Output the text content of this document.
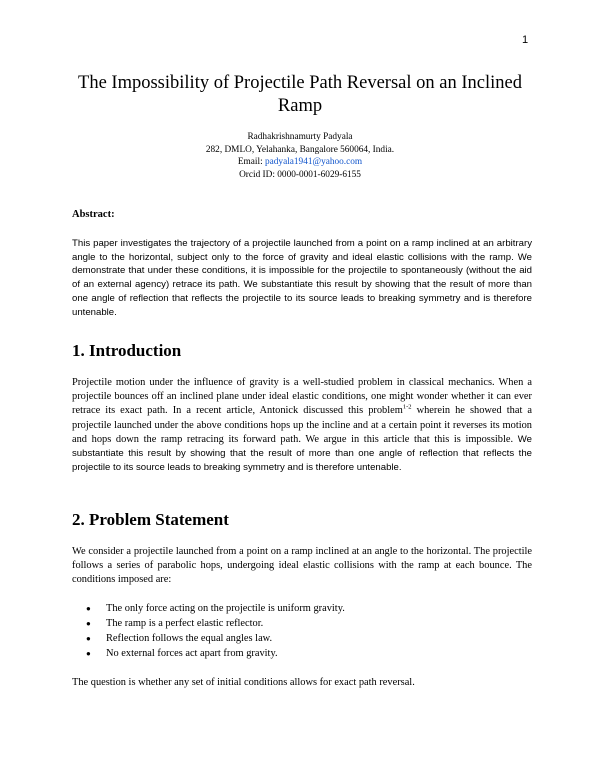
1
The Impossibility of Projectile Path Reversal on an Inclined Ramp
Radhakrishnamurty Padyala
282, DMLO, Yelahanka, Bangalore 560064, India.
Email: padyala1941@yahoo.com
Orcid ID: 0000-0001-6029-6155
Abstract:
This paper investigates the trajectory of a projectile launched from a point on a ramp inclined at an arbitrary angle to the horizontal, subject only to the force of gravity and ideal elastic collisions with the ramp. We demonstrate that under these conditions, it is impossible for the projectile to spontaneously (without the aid of an external agency) retrace its path. We substantiate this result by showing that the result of more than one angle of reflection that reflects the projectile to its source leads to breaking symmetry and is therefore untenable.
1. Introduction
Projectile motion under the influence of gravity is a well-studied problem in classical mechanics. When a projectile bounces off an inclined plane under ideal elastic conditions, one might wonder whether it can ever retrace its exact path. In a recent article, Antonick discussed this problem$^{1-2}$ wherein he showed that a projectile launched under the above conditions hops up the incline and at a certain point it reverses its motion and hops down the ramp retracing its forward path. We argue in this article that this is impossible. We substantiate this result by showing that the result of more than one angle of reflection that reflects the projectile to its source leads to breaking symmetry and is therefore untenable.
2. Problem Statement
We consider a projectile launched from a point on a ramp inclined at an angle to the horizontal. The projectile follows a series of parabolic hops, undergoing ideal elastic collisions with the ramp at each bounce. The conditions imposed are:
● The only force acting on the projectile is uniform gravity.
● The ramp is a perfect elastic reflector.
● Reflection follows the equal angles law.
● No external forces act apart from gravity.
The question is whether any set of initial conditions allows for exact path reversal.
